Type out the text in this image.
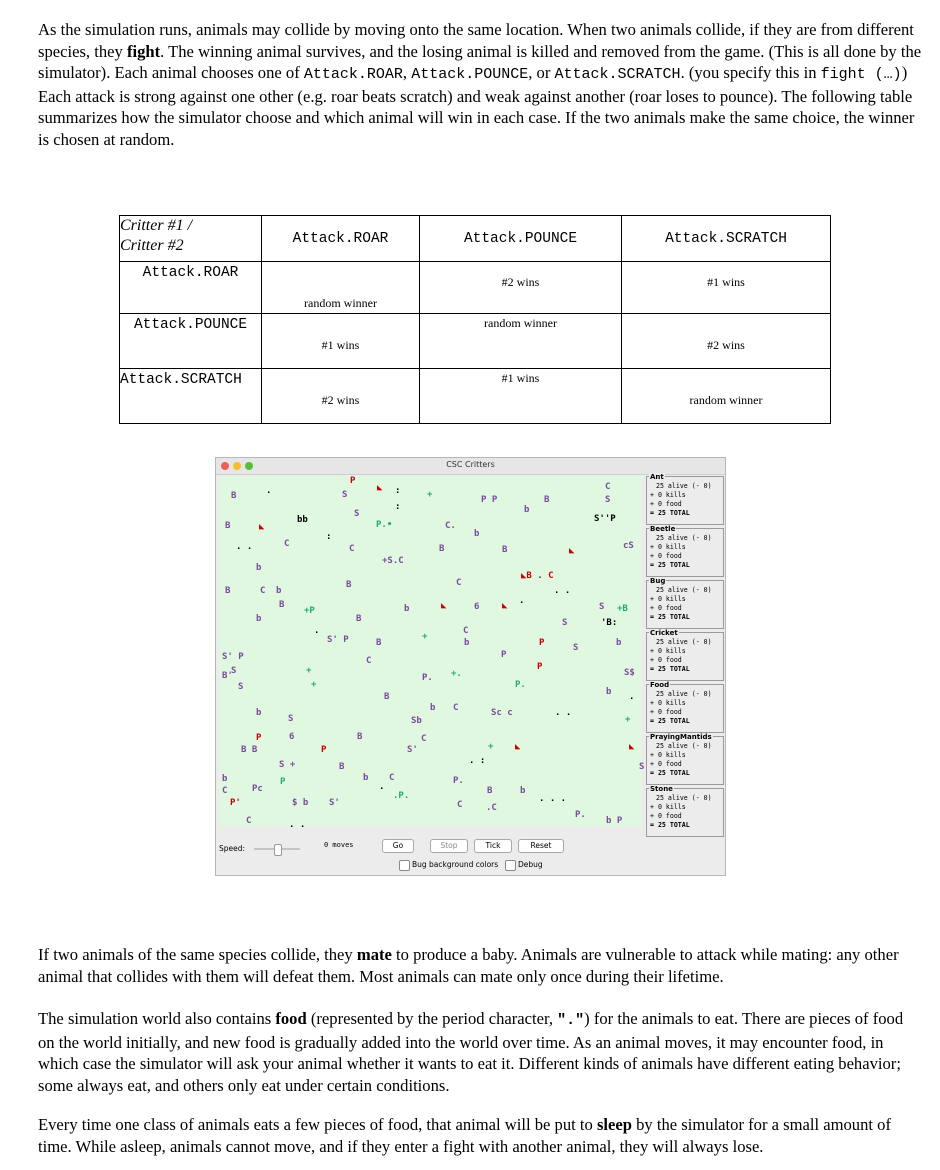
As the simulation runs, animals may collide by moving onto the same location. When two animals collide, if they are from different species, they fight. The winning animal survives, and the losing animal is killed and removed from the game. (This is all done by the simulator). Each animal chooses one of Attack.ROAR, Attack.POUNCE, or Attack.SCRATCH. (you specify this in fight (…)) Each attack is strong against one other (e.g. roar beats scratch) and weak against another (roar loses to pounce). The following table summarizes how the simulator choose and which animal will win in each case. If the two animals make the same choice, the winner is chosen at random.
Critter #1 /
Critter #2	Attack.ROAR	Attack.POUNCE	Attack.SCRATCH
Attack.ROAR	random winner	#2 wins	#1 wins
Attack.POUNCE	#1 wins	random winner	#2 wins
Attack.SCRATCH	#2 wins	#1 wins	random winner
CSC Critters
B	.	S
P
◣
+	P P	B
C
S
bb
S
P.•	C.
b
b
S''P
B
C	C	B	B	cS
b
+S.C
C
◣B . C
B	C b
B
+P
B
b	6	S +B
b	B
C
S	'B:
S' P	B
+
b	P	S	b
S' P
S	+
C
P
P
S$
B'
S	+
P. +.
P.
b
B
b C	Sc c
b
S	Sb	+
P	6	B	C
B B	P	S'	+ ◣	◣
S +	B	S
b	P	b C	P.
C	Pc	B	b
P'	$ b S'
.P.
C	.C
P.
C	b P
. .
.
. . .
:
:
:
. .	◣
◣
.
. .
.
◣	◣
. :
. .
.
Ant
25 alive (- 0)
+ 0 kills
+ 0 food
= 25 TOTAL
Beetle
25 alive (- 0)
+ 0 kills
+ 0 food
= 25 TOTAL
Bug
25 alive (- 0)
+ 0 kills
+ 0 food
= 25 TOTAL
Cricket
25 alive (- 0)
+ 0 kills
+ 0 food
= 25 TOTAL
Food
25 alive (- 0)
+ 0 kills
+ 0 food
= 25 TOTAL
PrayingMantids
25 alive (- 0)
+ 0 kills
+ 0 food
= 25 TOTAL
Stone
25 alive (- 0)
+ 0 kills
+ 0 food
= 25 TOTAL
Speed:	0 moves	Go	Stop	Tick	Reset
Bug background colors	Debug
If two animals of the same species collide, they mate to produce a baby. Animals are vulnerable to attack while mating: any other animal that collides with them will defeat them. Most animals can mate only once during their lifetime.
The simulation world also contains food (represented by the period character, ".") for the animals to eat. There are pieces of food on the world initially, and new food is gradually added into the world over time. As an animal moves, it may encounter food, in which case the simulator will ask your animal whether it wants to eat it. Different kinds of animals have different eating behavior; some always eat, and others only eat under certain conditions.
Every time one class of animals eats a few pieces of food, that animal will be put to sleep by the simulator for a small amount of time. While asleep, animals cannot move, and if they enter a fight with another animal, they will always lose.
